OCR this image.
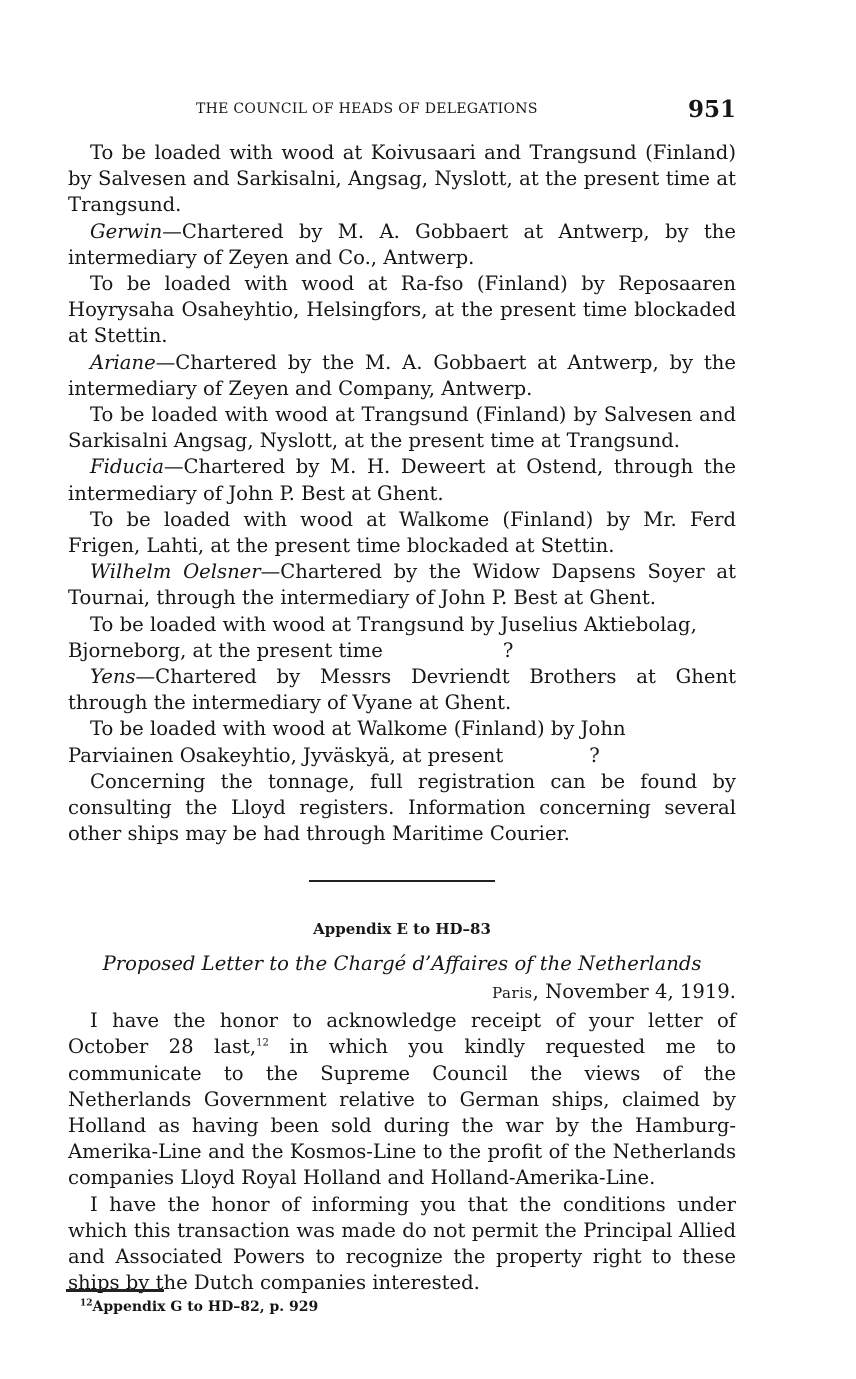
THE COUNCIL OF HEADS OF DELEGATIONS	951

To be loaded with wood at Koivusaari and Trangsund (Finland) by Salvesen and Sarkisalni, Angsag, Nyslott, at the present time at Trangsund.

Gerwin—Chartered by M. A. Gobbaert at Antwerp, by the intermediary of Zeyen and Co., Antwerp.

To be loaded with wood at Ra-fso (Finland) by Reposaaren Hoyrysaha Osaheyhtio, Helsingfors, at the present time blockaded at Stettin.

Ariane—Chartered by the M. A. Gobbaert at Antwerp, by the intermediary of Zeyen and Company, Antwerp.

To be loaded with wood at Trangsund (Finland) by Salvesen and Sarkisalni Angsag, Nyslott, at the present time at Trangsund.

Fiducia—Chartered by M. H. Deweert at Ostend, through the intermediary of John P. Best at Ghent.

To be loaded with wood at Walkome (Finland) by Mr. Ferd Frigen, Lahti, at the present time blockaded at Stettin.

Wilhelm Oelsner—Chartered by the Widow Dapsens Soyer at Tournai, through the intermediary of John P. Best at Ghent.

To be loaded with wood at Trangsund by Juselius Aktiebolag, Bjorneborg, at the present time	?

Yens—Chartered by Messrs Devriendt Brothers at Ghent through the intermediary of Vyane at Ghent.

To be loaded with wood at Walkome (Finland) by John Parviainen Osakeyhtio, Jyväskyä, at present	?

Concerning the tonnage, full registration can be found by consulting the Lloyd registers. Information concerning several other ships may be had through Maritime Courier.

Appendix E to HD–83
Proposed Letter to the Chargé d’Affaires of the Netherlands
Paris, November 4, 1919.

I have the honor to acknowledge receipt of your letter of October 28 last,$^{12}$ in which you kindly requested me to communicate to the Supreme Council the views of the Netherlands Government relative to German ships, claimed by Holland as having been sold during the war by the Hamburg-Amerika-Line and the Kosmos-Line to the profit of the Netherlands companies Lloyd Royal Holland and Holland-Amerika-Line.

I have the honor of informing you that the conditions under which this transaction was made do not permit the Principal Allied and Associated Powers to recognize the property right to these ships by the Dutch companies interested.

$^{12}$Appendix G to HD–82, p. 929
